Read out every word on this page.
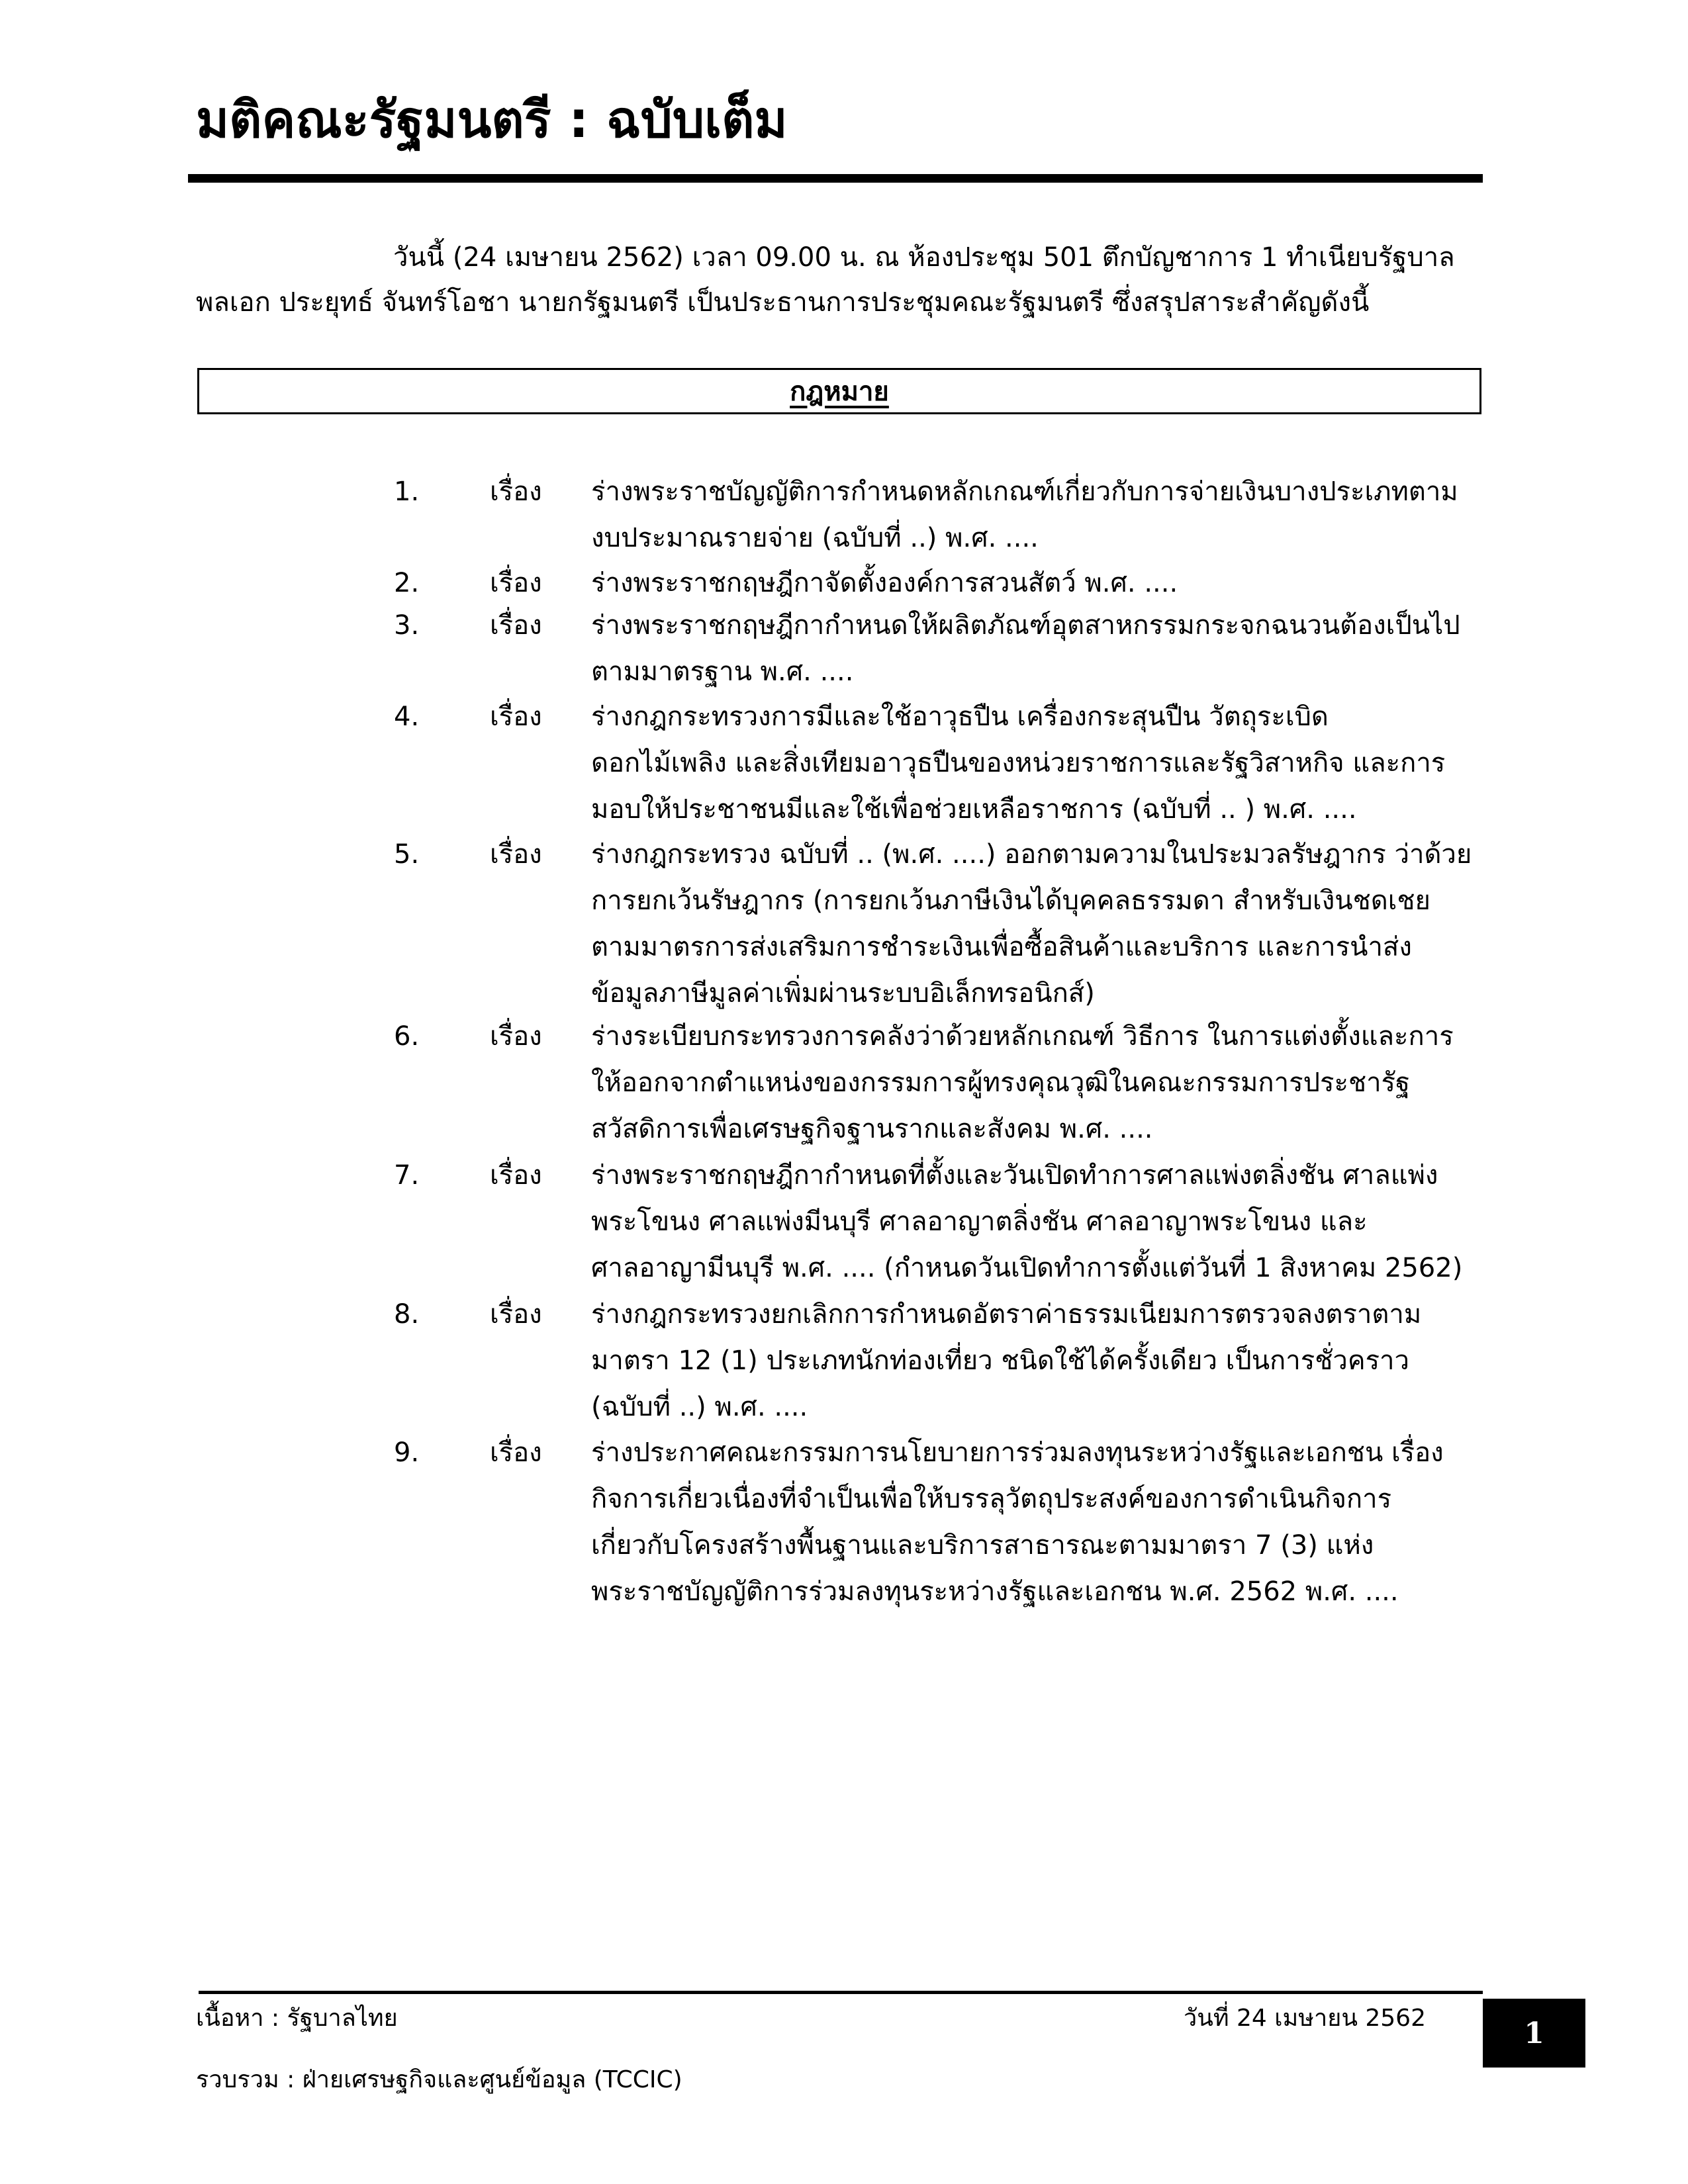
มติคณะรัฐมนตรี : ฉบับเต็ม
วันนี้ (24 เมษายน 2562) เวลา 09.00 น. ณ ห้องประชุม 501 ตึกบัญชาการ 1 ทำเนียบรัฐบาล
พลเอก ประยุทธ์ จันทร์โอชา นายกรัฐมนตรี เป็นประธานการประชุมคณะรัฐมนตรี ซึ่งสรุปสาระสำคัญดังนี้
กฎหมาย
1.	เรื่อง ร่างพระราชบัญญัติการกำหนดหลักเกณฑ์เกี่ยวกับการจ่ายเงินบางประเภทตาม
งบประมาณรายจ่าย (ฉบับที่ ..) พ.ศ. ....
2.	เรื่อง ร่างพระราชกฤษฎีกาจัดตั้งองค์การสวนสัตว์ พ.ศ. ....
3.	เรื่อง ร่างพระราชกฤษฎีกากำหนดให้ผลิตภัณฑ์อุตสาหกรรมกระจกฉนวนต้องเป็นไป
ตามมาตรฐาน พ.ศ. ....
4.	เรื่อง ร่างกฎกระทรวงการมีและใช้อาวุธปืน เครื่องกระสุนปืน วัตถุระเบิด
ดอกไม้เพลิง และสิ่งเทียมอาวุธปืนของหน่วยราชการและรัฐวิสาหกิจ และการ
มอบให้ประชาชนมีและใช้เพื่อช่วยเหลือราชการ (ฉบับที่ .. ) พ.ศ. ....
5.	เรื่อง ร่างกฎกระทรวง ฉบับที่ .. (พ.ศ. ....) ออกตามความในประมวลรัษฎากร ว่าด้วย
การยกเว้นรัษฎากร (การยกเว้นภาษีเงินได้บุคคลธรรมดา สำหรับเงินชดเชย
ตามมาตรการส่งเสริมการชำระเงินเพื่อซื้อสินค้าและบริการ และการนำส่ง
ข้อมูลภาษีมูลค่าเพิ่มผ่านระบบอิเล็กทรอนิกส์)
6.	เรื่อง ร่างระเบียบกระทรวงการคลังว่าด้วยหลักเกณฑ์ วิธีการ ในการแต่งตั้งและการ
ให้ออกจากตำแหน่งของกรรมการผู้ทรงคุณวุฒิในคณะกรรมการประชารัฐ
สวัสดิการเพื่อเศรษฐกิจฐานรากและสังคม พ.ศ. ....
7.	เรื่อง ร่างพระราชกฤษฎีกากำหนดที่ตั้งและวันเปิดทำการศาลแพ่งตลิ่งชัน ศาลแพ่ง
พระโขนง ศาลแพ่งมีนบุรี ศาลอาญาตลิ่งชัน ศาลอาญาพระโขนง และ
ศาลอาญามีนบุรี พ.ศ. .... (กำหนดวันเปิดทำการตั้งแต่วันที่ 1 สิงหาคม 2562)
8.	เรื่อง ร่างกฎกระทรวงยกเลิกการกำหนดอัตราค่าธรรมเนียมการตรวจลงตราตาม
มาตรา 12 (1) ประเภทนักท่องเที่ยว ชนิดใช้ได้ครั้งเดียว เป็นการชั่วคราว
(ฉบับที่ ..) พ.ศ. ....
9.	เรื่อง ร่างประกาศคณะกรรมการนโยบายการร่วมลงทุนระหว่างรัฐและเอกชน เรื่อง
กิจการเกี่ยวเนื่องที่จำเป็นเพื่อให้บรรลุวัตถุประสงค์ของการดำเนินกิจการ
เกี่ยวกับโครงสร้างพื้นฐานและบริการสาธารณะตามมาตรา 7 (3) แห่ง
พระราชบัญญัติการร่วมลงทุนระหว่างรัฐและเอกชน พ.ศ. 2562 พ.ศ. ....
เนื้อหา : รัฐบาลไทย	วันที่ 24 เมษายน 2562
รวบรวม : ฝ่ายเศรษฐกิจและศูนย์ข้อมูล (TCCIC)
1
